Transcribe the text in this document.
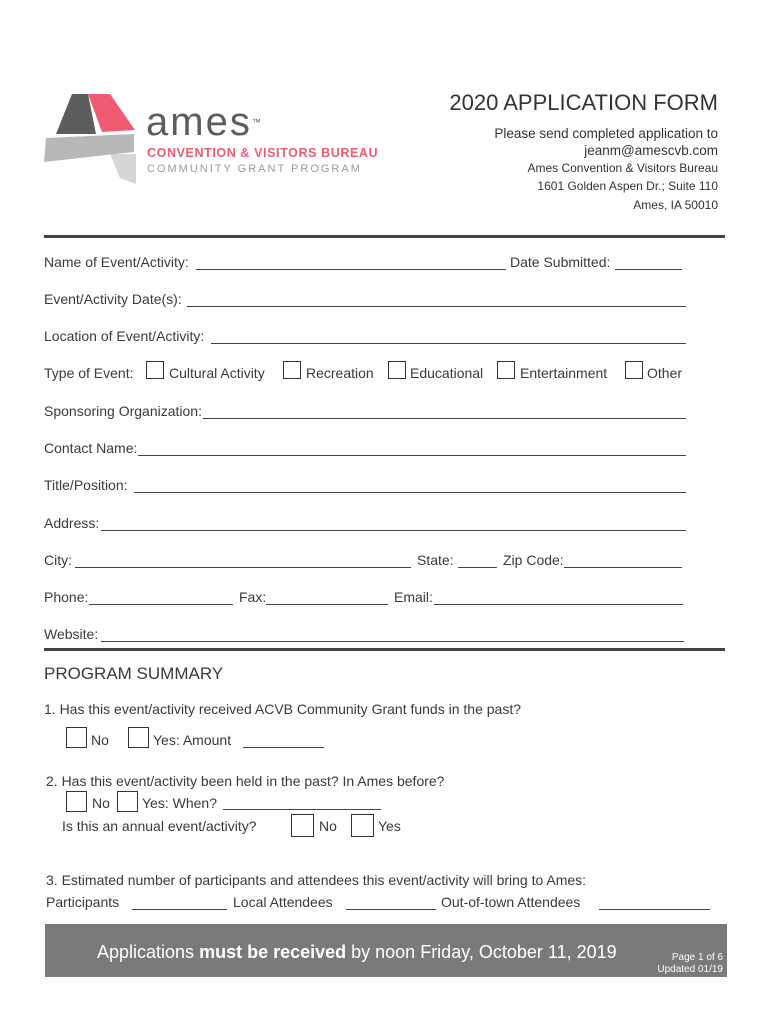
ames™
CONVENTION & VISITORS BUREAU
COMMUNITY GRANT PROGRAM
2020 APPLICATION FORM
Please send completed application to
jeanm@amescvb.com
Ames Convention & Visitors Bureau
1601 Golden Aspen Dr.; Suite 110
Ames, IA 50010
Name of Event/Activity:	Date Submitted:
Event/Activity Date(s):
Location of Event/Activity:
Type of Event:	Cultural Activity	Recreation	Educational	Entertainment	Other
Sponsoring Organization:
Contact Name:
Title/Position:
Address:
City:	State:	Zip Code:
Phone:	Fax:	Email:
Website:
PROGRAM SUMMARY
1. Has this event/activity received ACVB Community Grant funds in the past?
No	Yes: Amount
2. Has this event/activity been held in the past? In Ames before?
No Yes: When?
Is this an annual event/activity?	No	Yes
3. Estimated number of participants and attendees this event/activity will bring to Ames:
Participants	Local Attendees	Out-of-town Attendees
Applications must be received by noon Friday, October 11, 2019	Page 1 of 6
Updated 01/19
